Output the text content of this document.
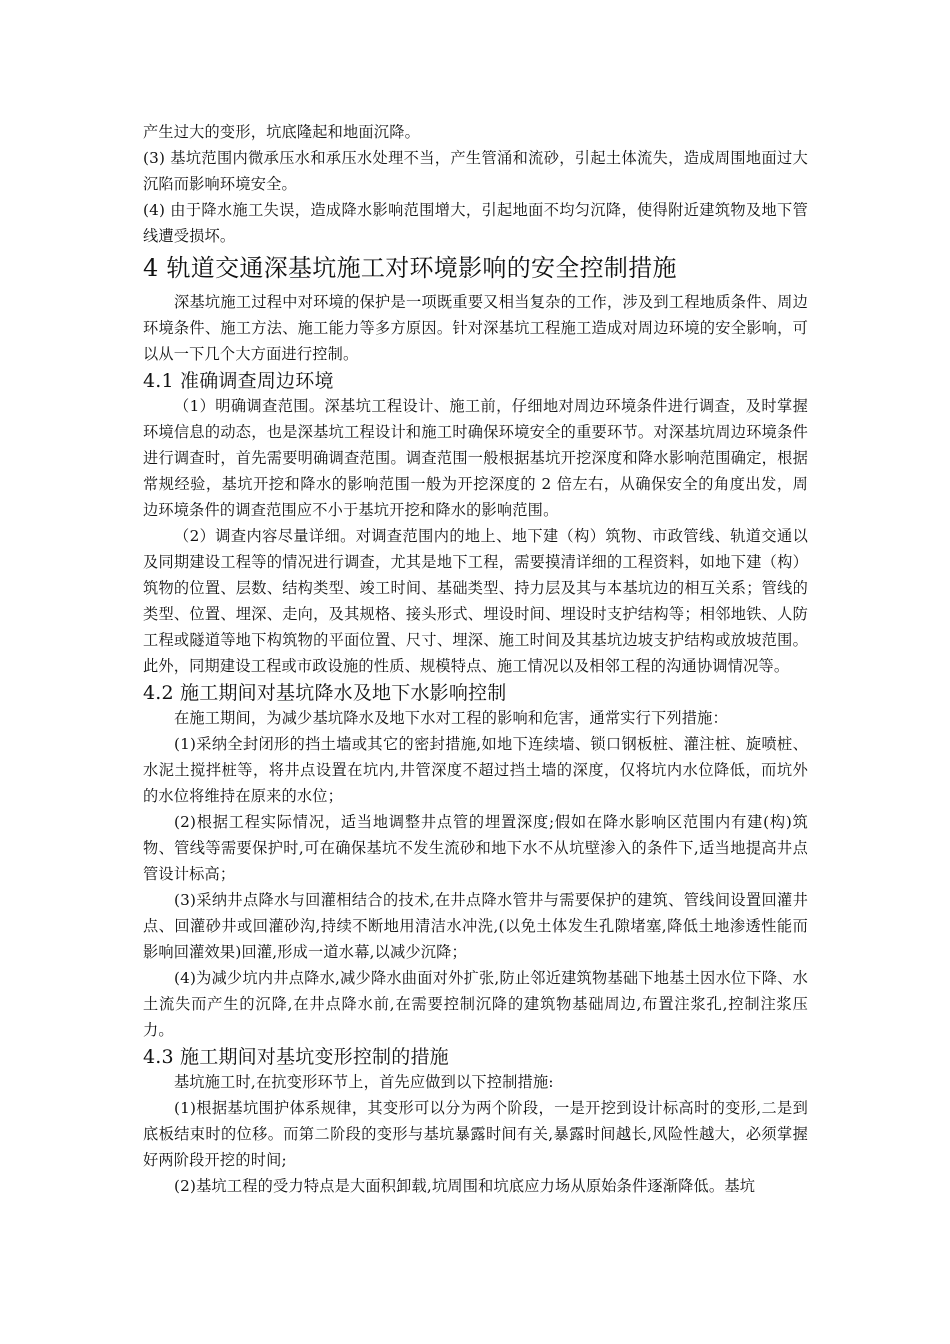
产生过大的变形，坑底隆起和地面沉降。

(3) 基坑范围内微承压水和承压水处理不当，产生管涌和流砂，引起土体流失，造成周围地面过大沉陷而影响环境安全。

(4) 由于降水施工失误，造成降水影响范围增大，引起地面不均匀沉降，使得附近建筑物及地下管线遭受损坏。

4 轨道交通深基坑施工对环境影响的安全控制措施

深基坑施工过程中对环境的保护是一项既重要又相当复杂的工作，涉及到工程地质条件、周边环境条件、施工方法、施工能力等多方原因。针对深基坑工程施工造成对周边环境的安全影响，可以从一下几个大方面进行控制。

4.1 准确调查周边环境

（1）明确调查范围。深基坑工程设计、施工前，仔细地对周边环境条件进行调查，及时掌握环境信息的动态，也是深基坑工程设计和施工时确保环境安全的重要环节。对深基坑周边环境条件进行调查时，首先需要明确调查范围。调查范围一般根据基坑开挖深度和降水影响范围确定，根据常规经验，基坑开挖和降水的影响范围一般为开挖深度的 2 倍左右，从确保安全的角度出发，周边环境条件的调查范围应不小于基坑开挖和降水的影响范围。

（2）调查内容尽量详细。对调查范围内的地上、地下建（构）筑物、市政管线、轨道交通以及同期建设工程等的情况进行调查，尤其是地下工程，需要摸清详细的工程资料，如地下建（构）筑物的位置、层数、结构类型、竣工时间、基础类型、持力层及其与本基坑边的相互关系；管线的类型、位置、埋深、走向，及其规格、接头形式、埋设时间、埋设时支护结构等；相邻地铁、人防工程或隧道等地下构筑物的平面位置、尺寸、埋深、施工时间及其基坑边坡支护结构或放坡范围。此外，同期建设工程或市政设施的性质、规模特点、施工情况以及相邻工程的沟通协调情况等。

4.2 施工期间对基坑降水及地下水影响控制

在施工期间，为减少基坑降水及地下水对工程的影响和危害，通常实行下列措施：

(1)采纳全封闭形的挡土墙或其它的密封措施,如地下连续墙、锁口钢板桩、灌注桩、旋喷桩、水泥土搅拌桩等，将井点设置在坑内,井管深度不超过挡土墙的深度，仅将坑内水位降低，而坑外的水位将维持在原来的水位；

(2)根据工程实际情况，适当地调整井点管的埋置深度;假如在降水影响区范围内有建(构)筑物、管线等需要保护时,可在确保基坑不发生流砂和地下水不从坑壁渗入的条件下,适当地提高井点管设计标高；

(3)采纳井点降水与回灌相结合的技术,在井点降水管井与需要保护的建筑、管线间设置回灌井点、回灌砂井或回灌砂沟,持续不断地用清洁水冲洗,(以免土体发生孔隙堵塞,降低土地渗透性能而影响回灌效果)回灌,形成一道水幕,以减少沉降；

(4)为减少坑内井点降水,减少降水曲面对外扩张,防止邻近建筑物基础下地基土因水位下降、水土流失而产生的沉降,在井点降水前,在需要控制沉降的建筑物基础周边,布置注浆孔,控制注浆压力。

4.3 施工期间对基坑变形控制的措施

基坑施工时,在抗变形环节上，首先应做到以下控制措施:

(1)根据基坑围护体系规律，其变形可以分为两个阶段，一是开挖到设计标高时的变形,二是到底板结束时的位移。而第二阶段的变形与基坑暴露时间有关,暴露时间越长,风险性越大，必须掌握好两阶段开挖的时间;

(2)基坑工程的受力特点是大面积卸载,坑周围和坑底应力场从原始条件逐渐降低。基坑
